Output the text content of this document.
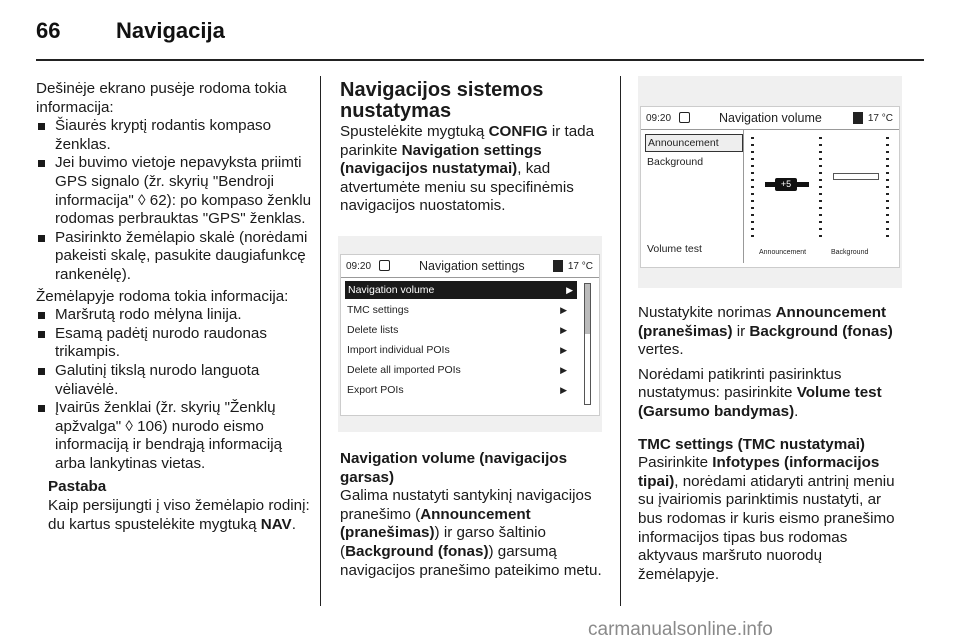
66	Navigacija

Dešinėje ekrano pusėje rodoma tokia informacija:

Šiaurės kryptį rodantis kompaso ženklas.

Jei buvimo vietoje nepavyksta priimti GPS signalo (žr. skyrių "Bendroji informacija" ◊ 62): po kompaso ženklu rodomas perbrauktas "GPS" ženklas.

Pasirinkto žemėlapio skalė (norėdami pakeisti skalę, pasukite daugiafunkcę rankenėlę).

Žemėlapyje rodoma tokia informacija:

Maršrutą rodo mėlyna linija.

Esamą padėtį nurodo raudonas trikampis.

Galutinį tikslą nurodo languota vėliavėlė.

Įvairūs ženklai (žr. skyrių "Ženklų apžvalga" ◊ 106) nurodo eismo informaciją ir bendrąją informaciją arba lankytinas vietas.

Pastaba

Kaip persijungti į viso žemėlapio rodinį: du kartus spustelėkite mygtuką NAV.

Navigacijos sistemos
nustatymas

Spustelėkite mygtuką CONFIG ir tada parinkite Navigation settings (navigacijos nustatymai), kad atvertumėte meniu su specifinėmis navigacijos nuostatomis.

09:20	Navigation settings	17 °C
Navigation volume	▶
TMC settings	▶
Delete lists	▶
Import individual POIs	▶
Delete all imported POIs	▶
Export POIs	▶

Navigation volume (navigacijos garsas)

Galima nustatyti santykinį navigacijos pranešimo (Announcement (pranešimas)) ir garso šaltinio (Background (fonas)) garsumą navigacijos pranešimo pateikimo metu.

09:20	Navigation volume	17 °C
Announcement
Background
Volume test
+5
Announcement	Background

Nustatykite norimas Announcement (pranešimas) ir Background (fonas) vertes.

Norėdami patikrinti pasirinktus nustatymus: pasirinkite Volume test (Garsumo bandymas).

TMC settings (TMC nustatymai)

Pasirinkite Infotypes (informacijos tipai), norėdami atidaryti antrinį meniu su įvairiomis parinktimis nustatyti, ar bus rodomas ir kuris eismo pranešimo informacijos tipas bus rodomas aktyvaus maršruto nuorodų žemėlapyje.

carmanualsonline.info
